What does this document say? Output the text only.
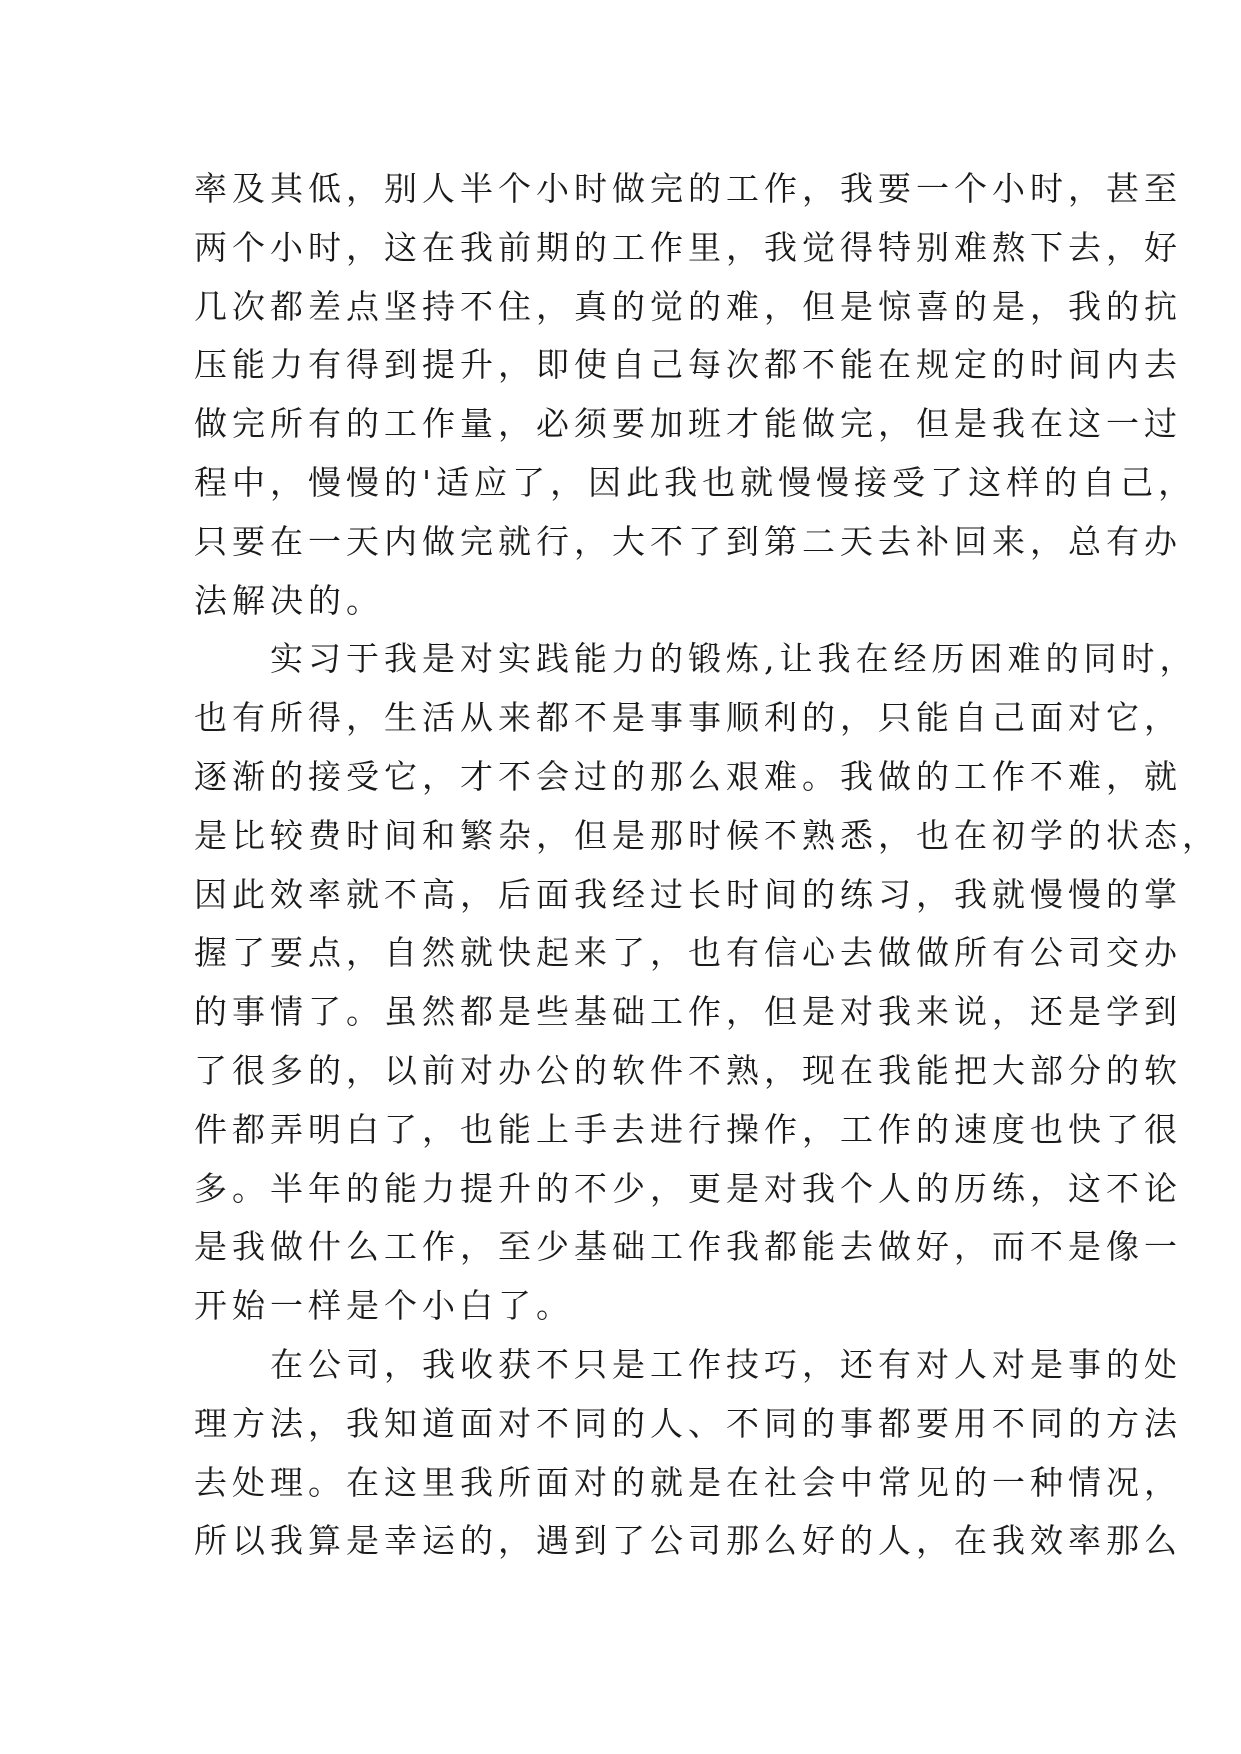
率及其低，别人半个小时做完的工作，我要一个小时，甚至
两个小时，这在我前期的工作里，我觉得特别难熬下去，好
几次都差点坚持不住，真的觉的难，但是惊喜的是，我的抗
压能力有得到提升，即使自己每次都不能在规定的时间内去
做完所有的工作量，必须要加班才能做完，但是我在这一过
程中，慢慢的'适应了，因此我也就慢慢接受了这样的自己，
只要在一天内做完就行，大不了到第二天去补回来，总有办
法解决的。
　　实习于我是对实践能力的锻炼,让我在经历困难的同时，
也有所得，生活从来都不是事事顺利的，只能自己面对它，
逐渐的接受它，才不会过的那么艰难。我做的工作不难，就
是比较费时间和繁杂，但是那时候不熟悉，也在初学的状态，
因此效率就不高，后面我经过长时间的练习，我就慢慢的掌
握了要点，自然就快起来了，也有信心去做做所有公司交办
的事情了。虽然都是些基础工作，但是对我来说，还是学到
了很多的，以前对办公的软件不熟，现在我能把大部分的软
件都弄明白了，也能上手去进行操作，工作的速度也快了很
多。半年的能力提升的不少，更是对我个人的历练，这不论
是我做什么工作，至少基础工作我都能去做好，而不是像一
开始一样是个小白了。
　　在公司，我收获不只是工作技巧，还有对人对是事的处
理方法，我知道面对不同的人、不同的事都要用不同的方法
去处理。在这里我所面对的就是在社会中常见的一种情况，
所以我算是幸运的，遇到了公司那么好的人，在我效率那么
